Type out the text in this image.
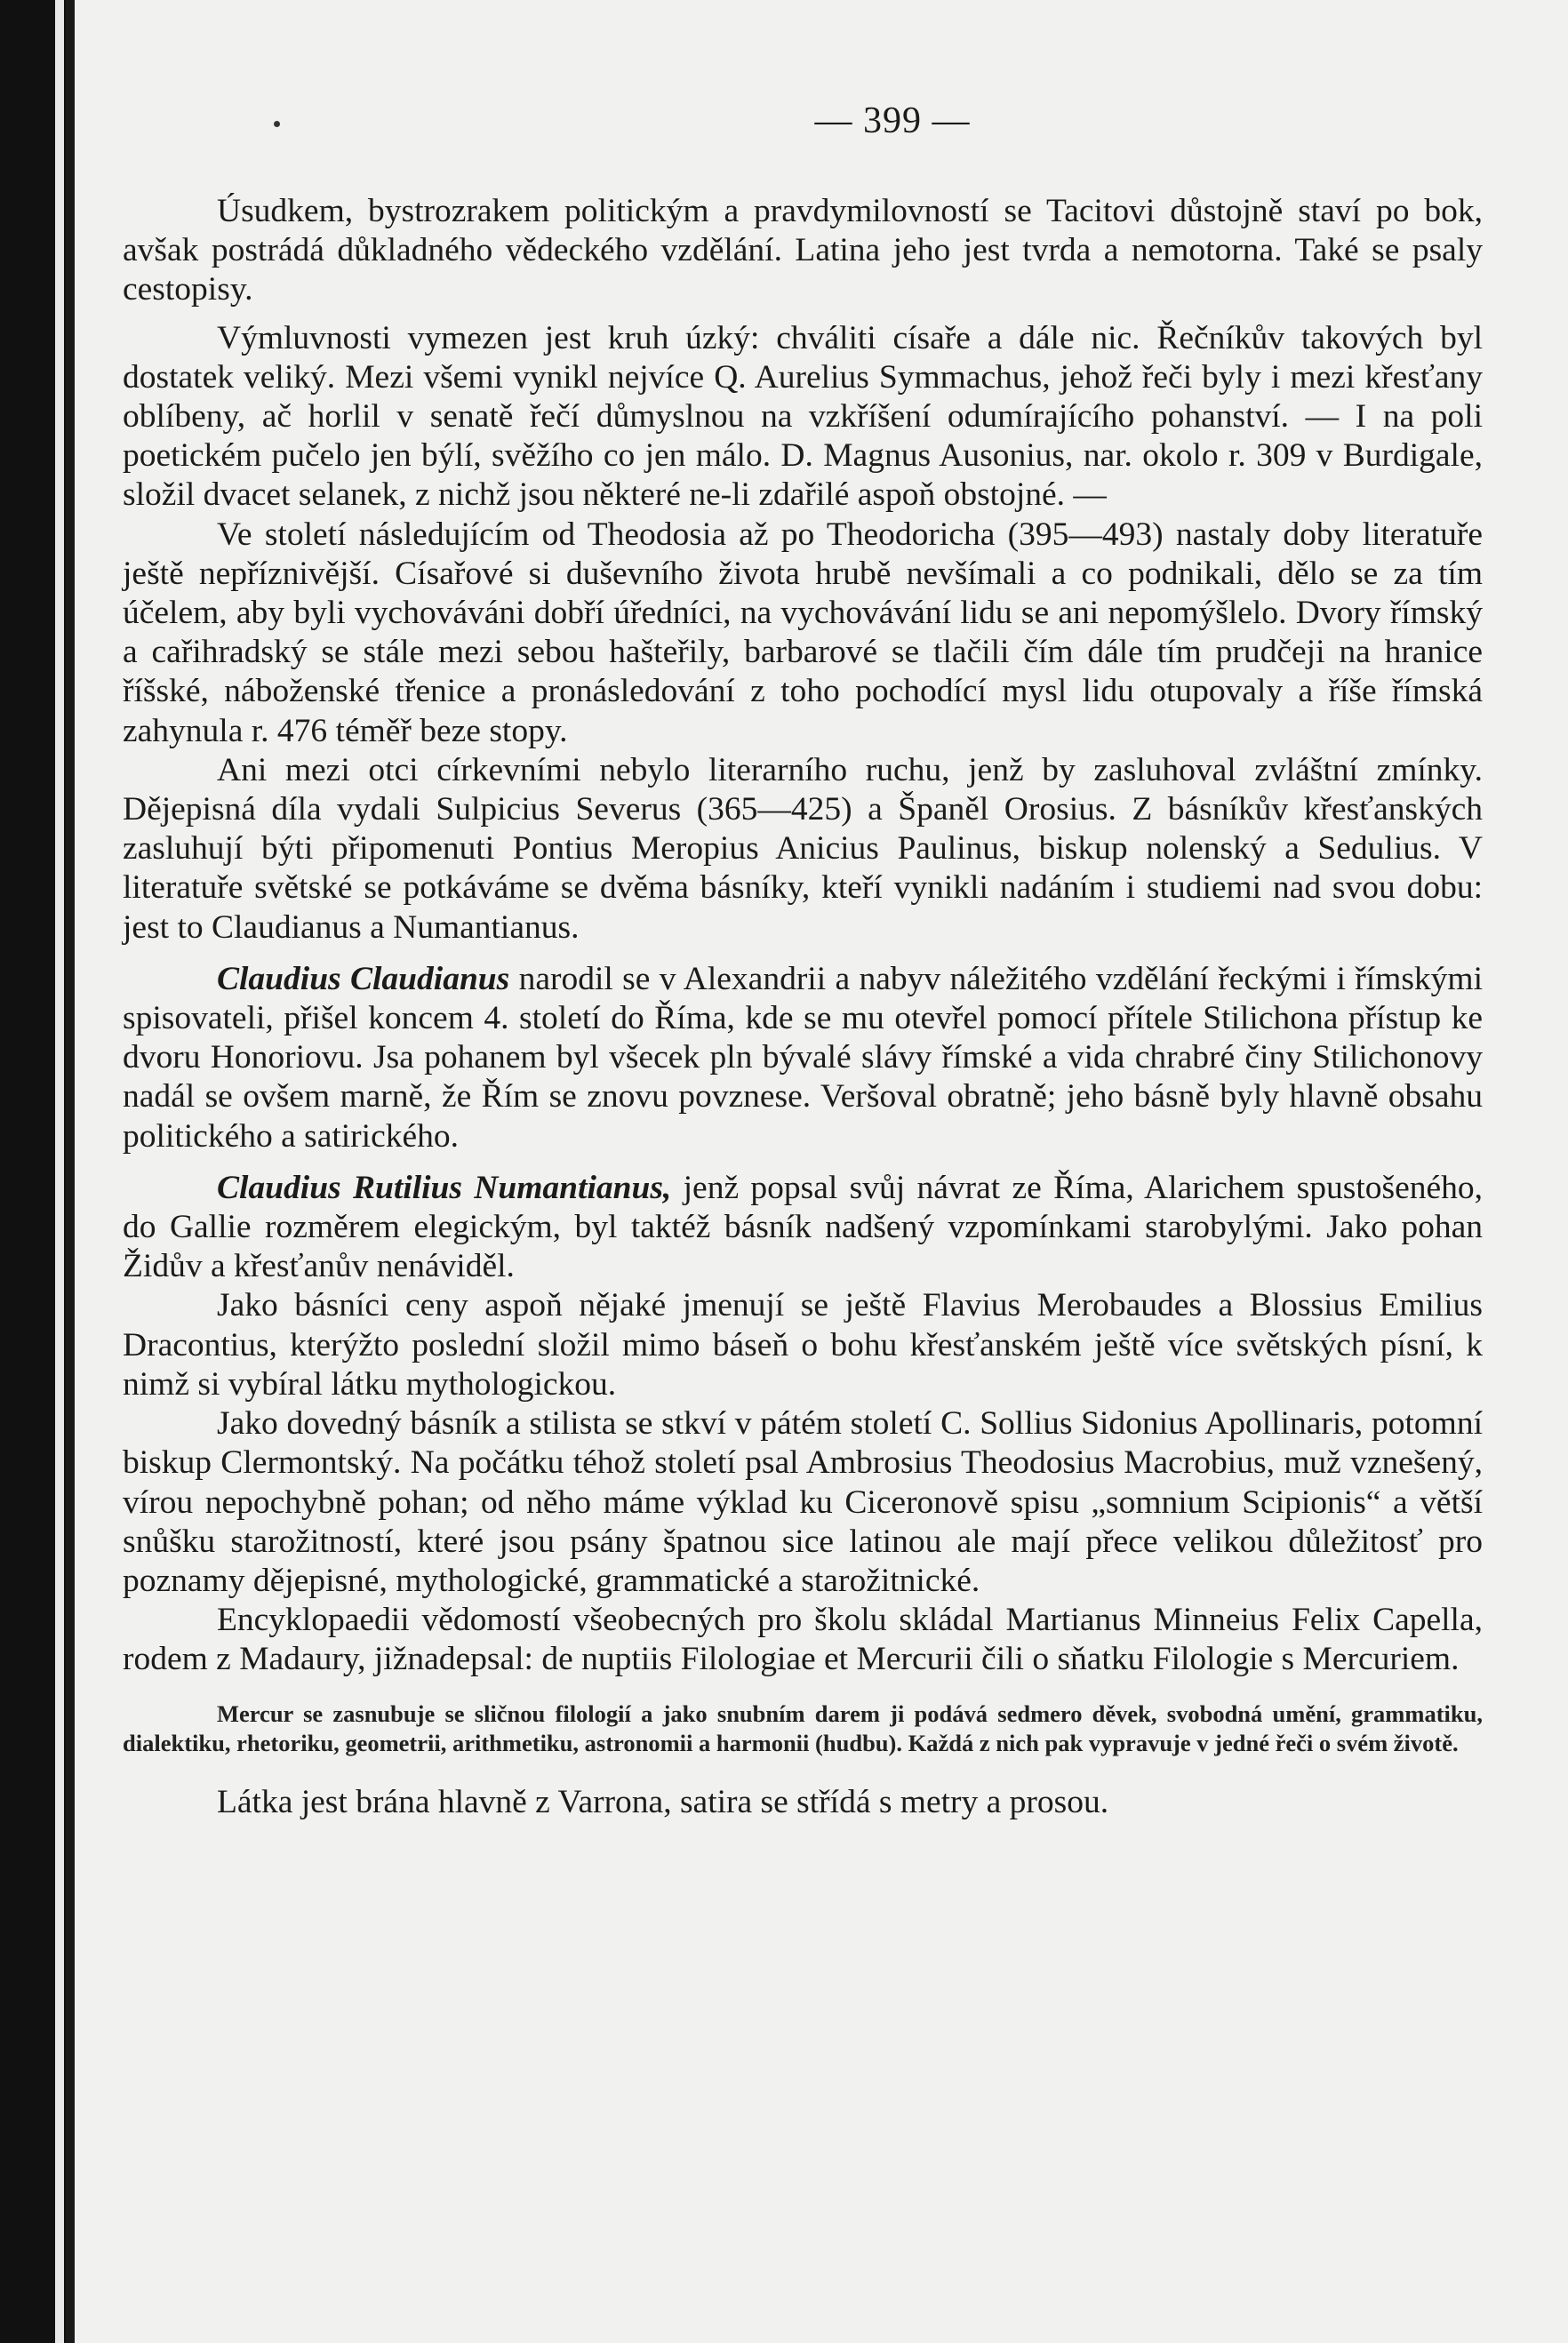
— 399 —

Úsudkem, bystrozrakem politickým a pravdymilovností se Tacitovi důstojně staví po bok, avšak postrádá důkladného vědeckého vzdělání. Latina jeho jest tvrda a nemotorna. Také se psaly cestopisy.

Výmluvnosti vymezen jest kruh úzký: chváliti císaře a dále nic. Řečníkův takových byl dostatek veliký. Mezi všemi vynikl nejvíce Q. Aurelius Symmachus, jehož řeči byly i mezi křesťany oblíbeny, ač horlil v senatě řečí důmyslnou na vzkříšení odumírajícího pohanství. — I na poli poetickém pučelo jen býlí, svěžího co jen málo. D. Magnus Ausonius, nar. okolo r. 309 v Burdigale, složil dvacet selanek, z nichž jsou některé ne-li zdařilé aspoň obstojné. —

Ve století následujícím od Theodosia až po Theodoricha (395—493) nastaly doby literatuře ještě nepříznivější. Císařové si duševního života hrubě nevšímali a co podnikali, dělo se za tím účelem, aby byli vychováváni dobří úředníci, na vychovávání lidu se ani nepomýšlelo. Dvory římský a cařihradský se stále mezi sebou hašteřily, barbarové se tlačili čím dále tím prudčeji na hranice říšské, náboženské třenice a pronásledování z toho pochodící mysl lidu otupovaly a říše římská zahynula r. 476 téměř beze stopy.

Ani mezi otci církevními nebylo literarního ruchu, jenž by zasluhoval zvláštní zmínky. Dějepisná díla vydali Sulpicius Severus (365—425) a Španěl Orosius. Z básníkův křesťanských zasluhují býti připomenuti Pontius Meropius Anicius Paulinus, biskup nolenský a Sedulius. V literatuře světské se potkáváme se dvěma básníky, kteří vynikli nadáním i studiemi nad svou dobu: jest to Claudianus a Numantianus.

Claudius Claudianus narodil se v Alexandrii a nabyv náležitého vzdělání řeckými i římskými spisovateli, přišel koncem 4. století do Říma, kde se mu otevřel pomocí přítele Stilichona přístup ke dvoru Honoriovu. Jsa pohanem byl všecek pln bývalé slávy římské a vida chrabré činy Stilichonovy nadál se ovšem marně, že Řím se znovu povznese. Veršoval obratně; jeho básně byly hlavně obsahu politického a satirického.

Claudius Rutilius Numantianus, jenž popsal svůj návrat ze Říma, Alarichem spustošeného, do Gallie rozměrem elegickým, byl taktéž básník nadšený vzpomínkami starobylými. Jako pohan Židův a křesťanův nenáviděl.

Jako básníci ceny aspoň nějaké jmenují se ještě Flavius Merobaudes a Blossius Emilius Dracontius, kterýžto poslední složil mimo báseň o bohu křesťanském ještě více světských písní, k nimž si vybíral látku mythologickou.

Jako dovedný básník a stilista se stkví v pátém století C. Sollius Sidonius Apollinaris, potomní biskup Clermontský. Na počátku téhož století psal Ambrosius Theodosius Macrobius, muž vznešený, vírou nepochybně pohan; od něho máme výklad ku Ciceronově spisu „somnium Scipionis“ a větší snůšku starožitností, které jsou psány špatnou sice latinou ale mají přece velikou důležitosť pro poznamy dějepisné, mythologické, grammatické a starožitnické.

Encyklopaedii vědomostí všeobecných pro školu skládal Martianus Minneius Felix Capella, rodem z Madaury, jižnadepsal: de nuptiis Filologiae et Mercurii čili o sňatku Filologie s Mercuriem.

Mercur se zasnubuje se sličnou filologií a jako snubním darem ji podává sedmero děvek, svobodná umění, grammatiku, dialektiku, rhetoriku, geometrii, arithmetiku, astronomii a harmonii (hudbu). Každá z nich pak vypravuje v jedné řeči o svém životě.

Látka jest brána hlavně z Varrona, satira se střídá s metry a prosou.
